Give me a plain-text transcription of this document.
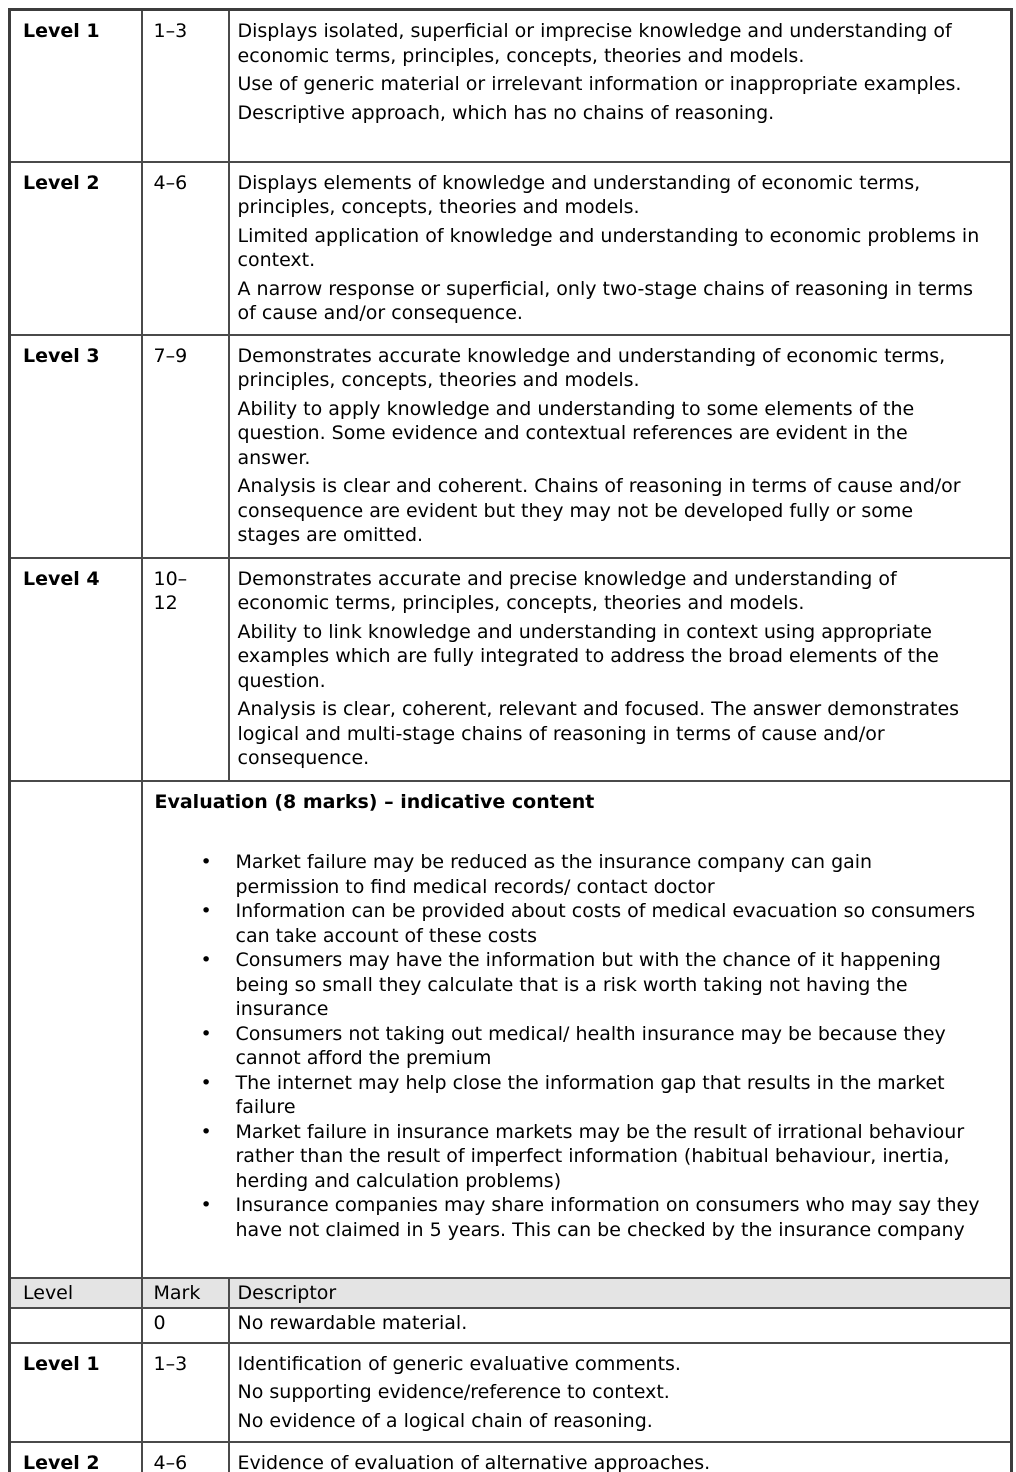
Level 1	1–3	Displays isolated, superficial or imprecise knowledge and understanding of economic terms, principles, concepts, theories and models.

Use of generic material or irrelevant information or inappropriate examples.

Descriptive approach, which has no chains of reasoning.

Level 2	4–6	Displays elements of knowledge and understanding of economic terms, principles, concepts, theories and models.

Limited application of knowledge and understanding to economic problems in context.

A narrow response or superficial, only two-stage chains of reasoning in terms of cause and/or consequence.

Level 3	7–9	Demonstrates accurate knowledge and understanding of economic terms, principles, concepts, theories and models.

Ability to apply knowledge and understanding to some elements of the question. Some evidence and contextual references are evident in the answer.

Analysis is clear and coherent. Chains of reasoning in terms of cause and/or consequence are evident but they may not be developed fully or some stages are omitted.

Level 4	10–12	Demonstrates accurate and precise knowledge and understanding of economic terms, principles, concepts, theories and models.

Ability to link knowledge and understanding in context using appropriate examples which are fully integrated to address the broad elements of the question.

Analysis is clear, coherent, relevant and focused. The answer demonstrates logical and multi-stage chains of reasoning in terms of cause and/or consequence.

Evaluation (8 marks) – indicative content

• Market failure may be reduced as the insurance company can gain permission to find medical records/ contact doctor
• Information can be provided about costs of medical evacuation so consumers can take account of these costs
• Consumers may have the information but with the chance of it happening being so small they calculate that is a risk worth taking not having the insurance
• Consumers not taking out medical/ health insurance may be because they cannot afford the premium
• The internet may help close the information gap that results in the market failure
• Market failure in insurance markets may be the result of irrational behaviour rather than the result of imperfect information (habitual behaviour, inertia, herding and calculation problems)
• Insurance companies may share information on consumers who may say they have not claimed in 5 years. This can be checked by the insurance company

Level	Mark	Descriptor
	0	No rewardable material.

Level 1	1–3	Identification of generic evaluative comments.

No supporting evidence/reference to context.

No evidence of a logical chain of reasoning.

Level 2	4–6	Evidence of evaluation of alternative approaches.
